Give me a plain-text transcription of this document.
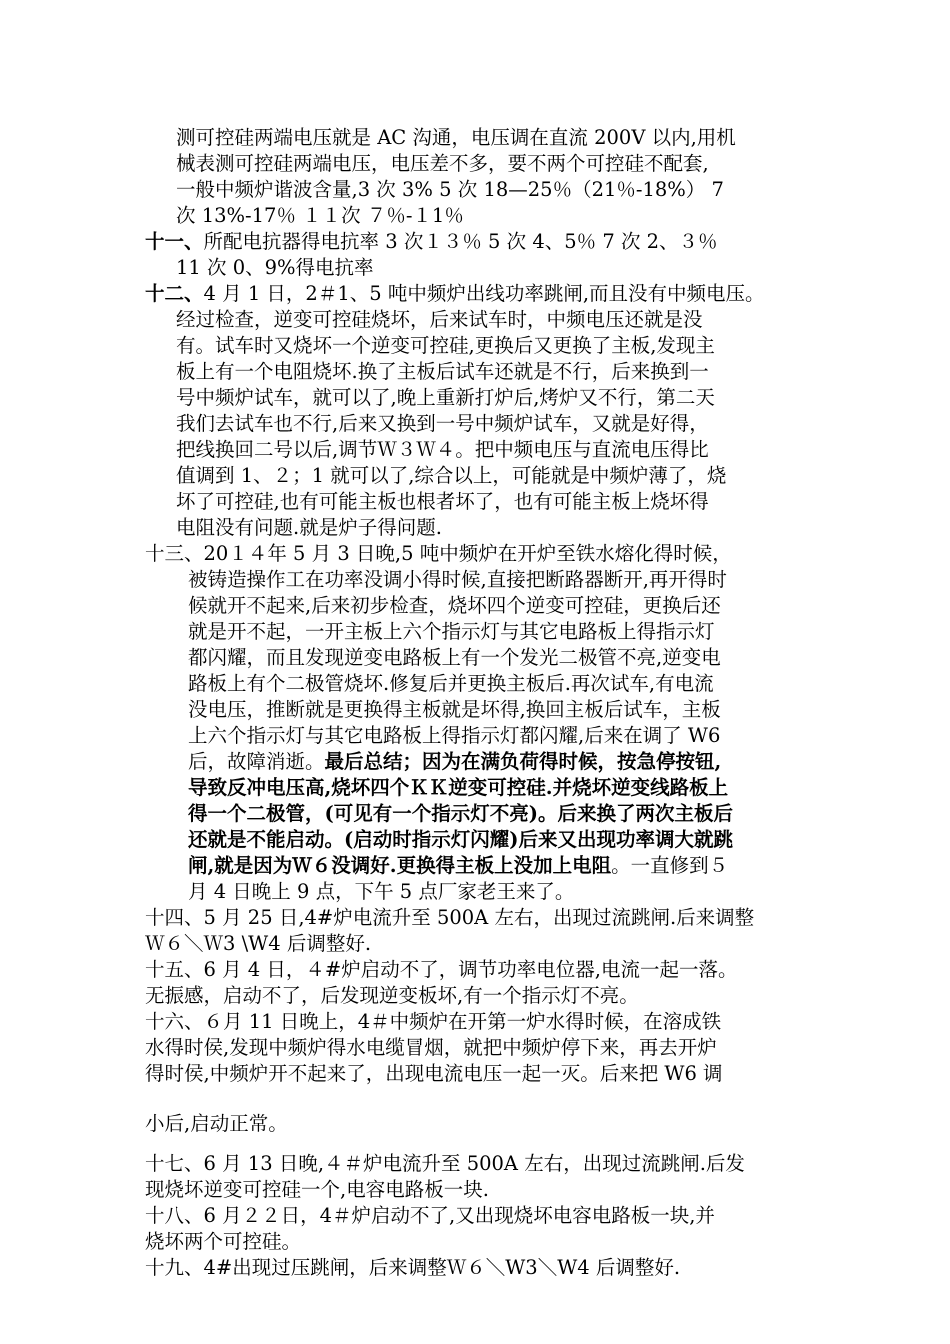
测可控硅两端电压就是 AC 沟通，电压调在直流 200V 以内,用机
械表测可控硅两端电压，电压差不多，要不两个可控硅不配套,
一般中频炉谐波含量,3 次 3% 5 次 18—25％（21％-18%） 7
次 13%-17％ １１次 ７％-１1％
十一、所配电抗器得电抗率 3 次１３％ 5 次 4、5％ 7 次 2、３％
11 次 0、9%得电抗率
十二、4 月 1 日，2＃1、5 吨中频炉出线功率跳闸,而且没有中频电压。
经过检查，逆变可控硅烧坏，后来试车时，中频电压还就是没
有。试车时又烧坏一个逆变可控硅,更换后又更换了主板,发现主
板上有一个电阻烧坏.换了主板后试车还就是不行，后来换到一
号中频炉试车，就可以了,晚上重新打炉后,烤炉又不行，第二天
我们去试车也不行,后来又换到一号中频炉试车，又就是好得，
把线换回二号以后,调节Ｗ３Ｗ４。把中频电压与直流电压得比
值调到 1、２；1 就可以了,综合以上，可能就是中频炉薄了，烧
坏了可控硅,也有可能主板也根者坏了，也有可能主板上烧坏得
电阻没有问题.就是炉子得问题.
十三、20１４年 5 月 3 日晚,5 吨中频炉在开炉至铁水熔化得时候，
被铸造操作工在功率没调小得时候,直接把断路器断开,再开得时
候就开不起来,后来初步检查，烧坏四个逆变可控硅，更换后还
就是开不起，一开主板上六个指示灯与其它电路板上得指示灯
都闪耀，而且发现逆变电路板上有一个发光二极管不亮,逆变电
路板上有个二极管烧坏.修复后并更换主板后.再次试车,有电流
没电压，推断就是更换得主板就是坏得,换回主板后试车，主板
上六个指示灯与其它电路板上得指示灯都闪耀,后来在调了 W6
后，故障消逝。最后总结；因为在满负荷得时候，按急停按钮,
导致反冲电压高,烧坏四个ＫＫ逆变可控硅.并烧坏逆变线路板上
得一个二极管，(可见有一个指示灯不亮)。后来换了两次主板后
还就是不能启动。(启动时指示灯闪耀)后来又出现功率调大就跳
闸,就是因为Ｗ６没调好.更换得主板上没加上电阻。一直修到５
月 4 日晚上 9 点，下午 5 点厂家老王来了。
十四、5 月 25 日,4#炉电流升至 500A 左右，出现过流跳闸.后来调整
Ｗ６＼Ｗ3 \W4 后调整好.
十五、6 月 4 日，４#炉启动不了，调节功率电位器,电流一起一落。
无振感，启动不了，后发现逆变板坏,有一个指示灯不亮。
十六、６月 11 日晚上，4＃中频炉在开第一炉水得时候，在溶成铁
水得时侯,发现中频炉得水电缆冒烟，就把中频炉停下来，再去开炉
得时侯,中频炉开不起来了，出现电流电压一起一灭。后来把 W6 调
小后,启动正常。
十七、6 月 13 日晚,４＃炉电流升至 500A 左右，出现过流跳闸.后发
现烧坏逆变可控硅一个,电容电路板一块.
十八、6 月２２日，4＃炉启动不了,又出现烧坏电容电路板一块,并
烧坏两个可控硅。
十九、4#出现过压跳闸，后来调整Ｗ６＼W3＼W4 后调整好.
